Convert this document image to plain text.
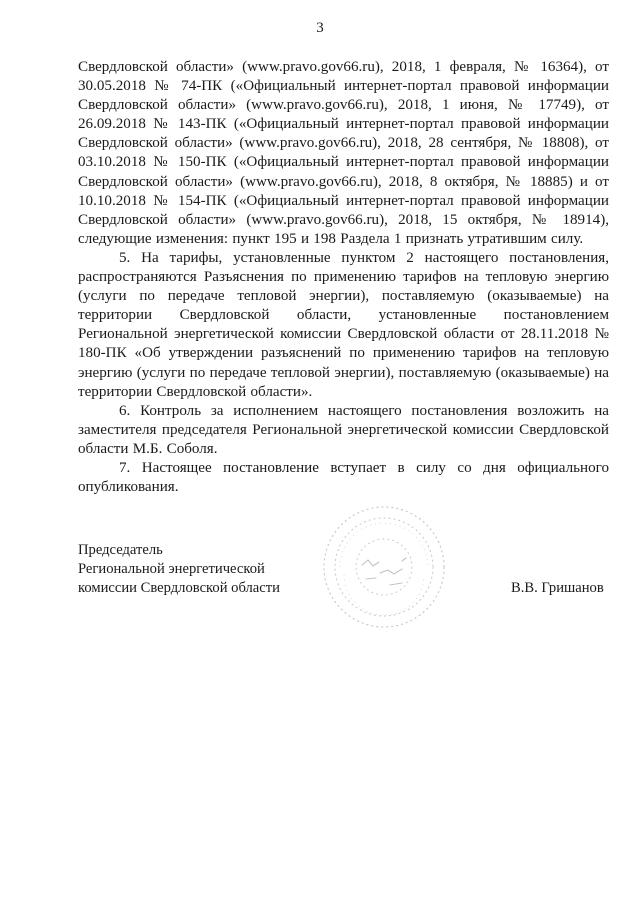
3

Свердловской области» (www.pravo.gov66.ru), 2018, 1 февраля, № 16364), от 30.05.2018 № 74-ПК («Официальный интернет-портал правовой информации Свердловской области» (www.pravo.gov66.ru), 2018, 1 июня, № 17749), от 26.09.2018 № 143-ПК («Официальный интернет-портал правовой информации Свердловской области» (www.pravo.gov66.ru), 2018, 28 сентября, № 18808), от 03.10.2018 № 150-ПК («Официальный интернет-портал правовой информации Свердловской области» (www.pravo.gov66.ru), 2018, 8 октября, № 18885) и от 10.10.2018 № 154-ПК («Официальный интернет-портал правовой информации Свердловской области» (www.pravo.gov66.ru), 2018, 15 октября, № 18914), следующие изменения: пункт 195 и 198 Раздела 1 признать утратившим силу.

5. На тарифы, установленные пунктом 2 настоящего постановления, распространяются Разъяснения по применению тарифов на тепловую энергию (услуги по передаче тепловой энергии), поставляемую (оказываемые) на территории Свердловской области, установленные постановлением Региональной энергетической комиссии Свердловской области от 28.11.2018 № 180-ПК «Об утверждении разъяснений по применению тарифов на тепловую энергию (услуги по передаче тепловой энергии), поставляемую (оказываемые) на территории Свердловской области».

6. Контроль за исполнением настоящего постановления возложить на заместителя председателя Региональной энергетической комиссии Свердловской области М.Б. Соболя.

7. Настоящее постановление вступает в силу со дня официального опубликования.

Председатель
Региональной энергетической
комиссии Свердловской области	В.В. Гришанов
